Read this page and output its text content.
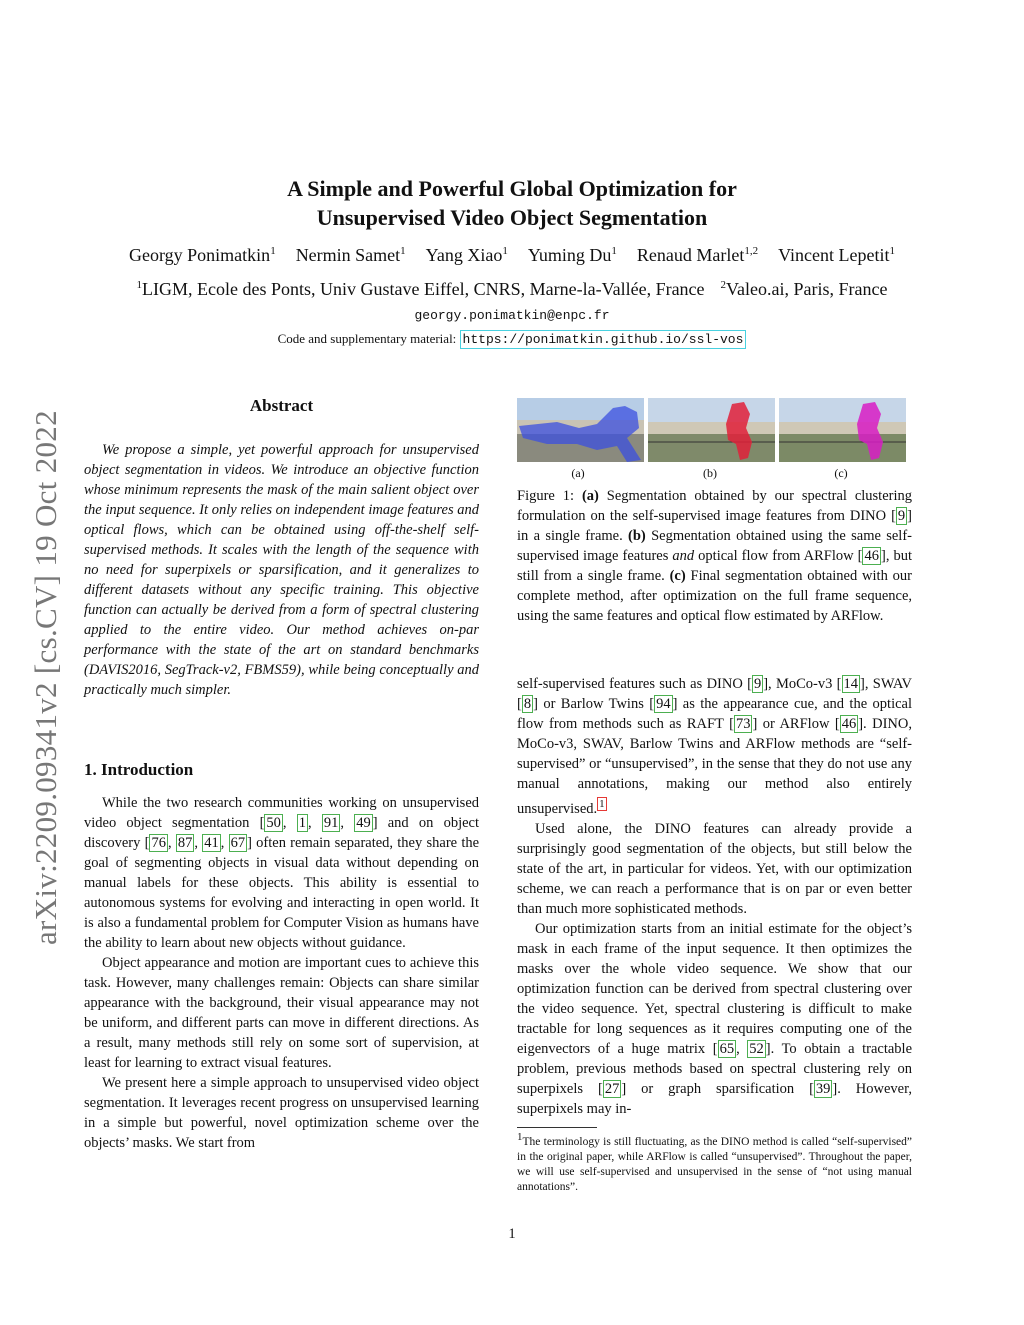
arXiv:2209.09341v2 [cs.CV] 19 Oct 2022
A Simple and Powerful Global Optimization for
Unsupervised Video Object Segmentation
Georgy Ponimatkin$^1$ Nermin Samet$^1$ Yang Xiao$^1$ Yuming Du$^1$ Renaud Marlet$^{1,2}$ Vincent Lepetit$^1$
$^1$LIGM, Ecole des Ponts, Univ Gustave Eiffel, CNRS, Marne-la-Vallée, France $^2$Valeo.ai, Paris, France
georgy.ponimatkin@enpc.fr
Code and supplementary material: https://ponimatkin.github.io/ssl-vos
Abstract
We propose a simple, yet powerful approach for unsupervised object segmentation in videos. We introduce an objective function whose minimum represents the mask of the main salient object over the input sequence. It only relies on independent image features and optical flows, which can be obtained using off-the-shelf self-supervised methods. It scales with the length of the sequence with no need for superpixels or sparsification, and it generalizes to different datasets without any specific training. This objective function can actually be derived from a form of spectral clustering applied to the entire video. Our method achieves on-par performance with the state of the art on standard benchmarks (DAVIS2016, SegTrack-v2, FBMS59), while being conceptually and practically much simpler.
1. Introduction

While the two research communities working on unsupervised video object segmentation [ 50 , 1 , 91 , 49 ] and on object discovery [ 76 , 87 , 41 , 67 ] often remain separated, they share the goal of segmenting objects in visual data without depending on manual labels for these objects. This ability is essential to autonomous systems for evolving and interacting in open world. It is also a fundamental problem for Computer Vision as humans have the ability to learn about new objects without guidance.

Object appearance and motion are important cues to achieve this task. However, many challenges remain: Objects can share similar appearance with the background, their visual appearance may not be uniform, and different parts can move in different directions. As a result, many methods still rely on some sort of supervision, at least for learning to extract visual features.

We present here a simple approach to unsupervised video object segmentation. It leverages recent progress on unsupervised learning in a simple but powerful, novel optimization scheme over the objects’ masks. We start from

(a)	(b)	(c)
Figure 1: (a) Segmentation obtained by our spectral clustering formulation on the self-supervised image features from DINO [ 9 ] in a single frame. (b) Segmentation obtained using the same self-supervised image features and optical flow from ARFlow [ 46 ], but still from a single frame. (c) Final segmentation obtained with our complete method, after optimization on the full frame sequence, using the same features and optical flow estimated by ARFlow.

self-supervised features such as DINO [ 9 ], MoCo-v3 [ 14 ], SWAV [ 8 ] or Barlow Twins [ 94 ] as the appearance cue, and the optical flow from methods such as RAFT [ 73 ] or ARFlow [ 46 ]. DINO, MoCo-v3, SWAV, Barlow Twins and ARFlow methods are “self-supervised” or “unsupervised”, in the sense that they do not use any manual annotations, making our method also entirely unsupervised. $^1$

Used alone, the DINO features can already provide a surprisingly good segmentation of the objects, but still below the state of the art, in particular for videos. Yet, with our optimization scheme, we can reach a performance that is on par or even better than much more sophisticated methods.

Our optimization starts from an initial estimate for the object’s mask in each frame of the input sequence. It then optimizes the masks over the whole video sequence. We show that our optimization function can be derived from spectral clustering over the video sequence. Yet, spectral clustering is difficult to make tractable for long sequences as it requires computing one of the eigenvectors of a huge matrix [ 65 , 52 ]. To obtain a tractable problem, previous methods based on spectral clustering rely on superpixels [ 27 ] or graph sparsification [ 39 ]. However, superpixels may in-

$^1$The terminology is still fluctuating, as the DINO method is called “self-supervised” in the original paper, while ARFlow is called “unsupervised”. Throughout the paper, we will use self-supervised and unsupervised in the sense of “not using manual annotations”.
1
